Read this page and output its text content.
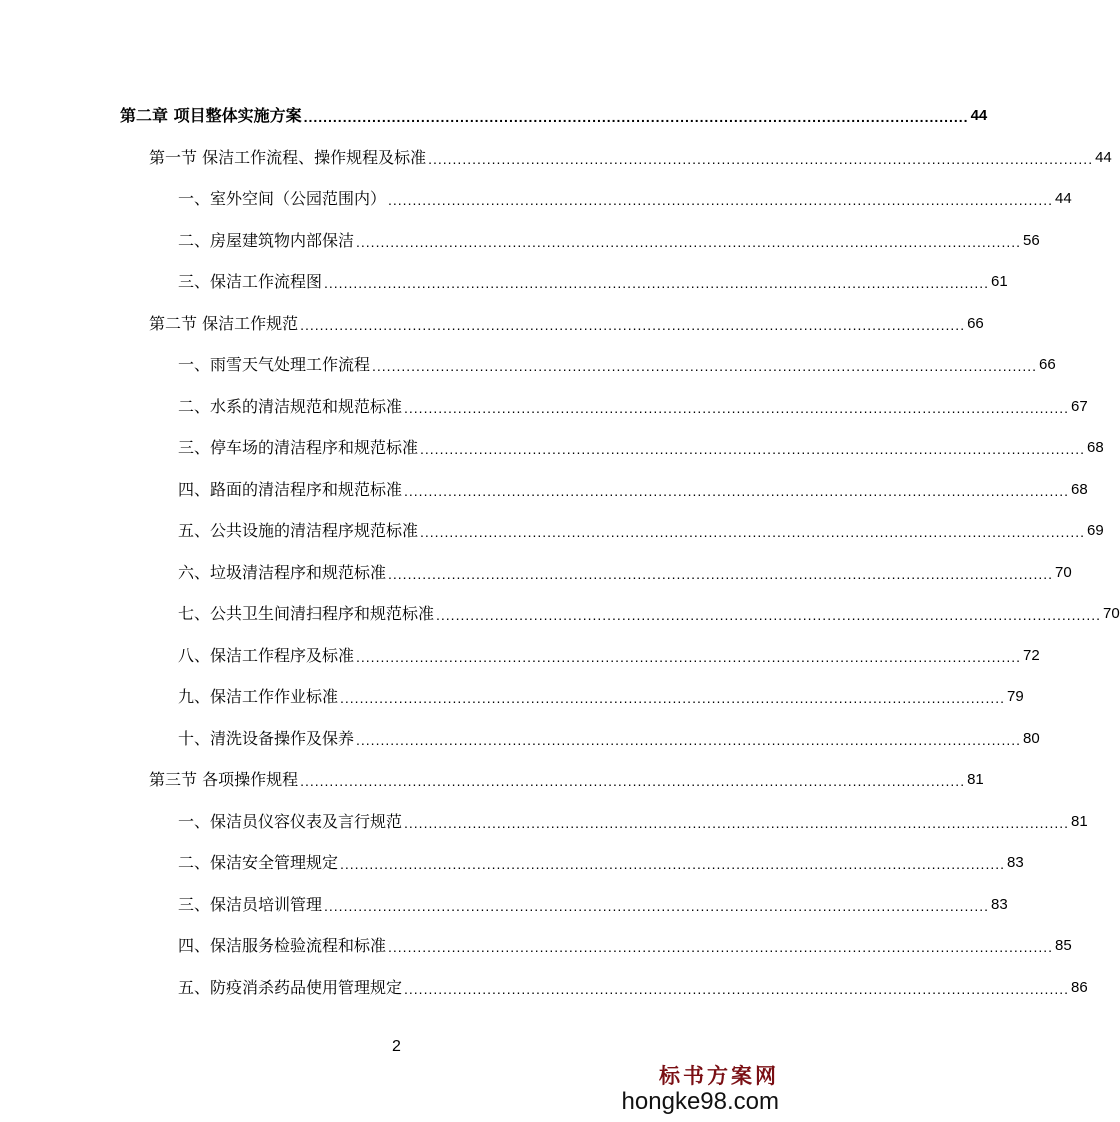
第二章 项目整体实施方案 ........................................................................................................................................ 44
第一节 保洁工作流程、操作规程及标准 ........................................................................................................................................ 44
一、室外空间（公园范围内） ........................................................................................................................................ 44
二、房屋建筑物内部保洁 ........................................................................................................................................ 56
三、保洁工作流程图 ........................................................................................................................................ 61
第二节 保洁工作规范 ........................................................................................................................................ 66
一、雨雪天气处理工作流程 ........................................................................................................................................ 66
二、水系的清洁规范和规范标准 ........................................................................................................................................ 67
三、停车场的清洁程序和规范标准 ........................................................................................................................................ 68
四、路面的清洁程序和规范标准 ........................................................................................................................................ 68
五、公共设施的清洁程序规范标准 ........................................................................................................................................ 69
六、垃圾清洁程序和规范标准 ........................................................................................................................................ 70
七、公共卫生间清扫程序和规范标准 ........................................................................................................................................ 70
八、保洁工作程序及标准 ........................................................................................................................................ 72
九、保洁工作作业标准 ........................................................................................................................................ 79
十、清洗设备操作及保养 ........................................................................................................................................ 80
第三节 各项操作规程 ........................................................................................................................................ 81
一、保洁员仪容仪表及言行规范 ........................................................................................................................................ 81
二、保洁安全管理规定 ........................................................................................................................................ 83
三、保洁员培训管理 ........................................................................................................................................ 83
四、保洁服务检验流程和标准 ........................................................................................................................................ 85
五、防疫消杀药品使用管理规定 ........................................................................................................................................ 86
2
标书方案网
hongke98.com
